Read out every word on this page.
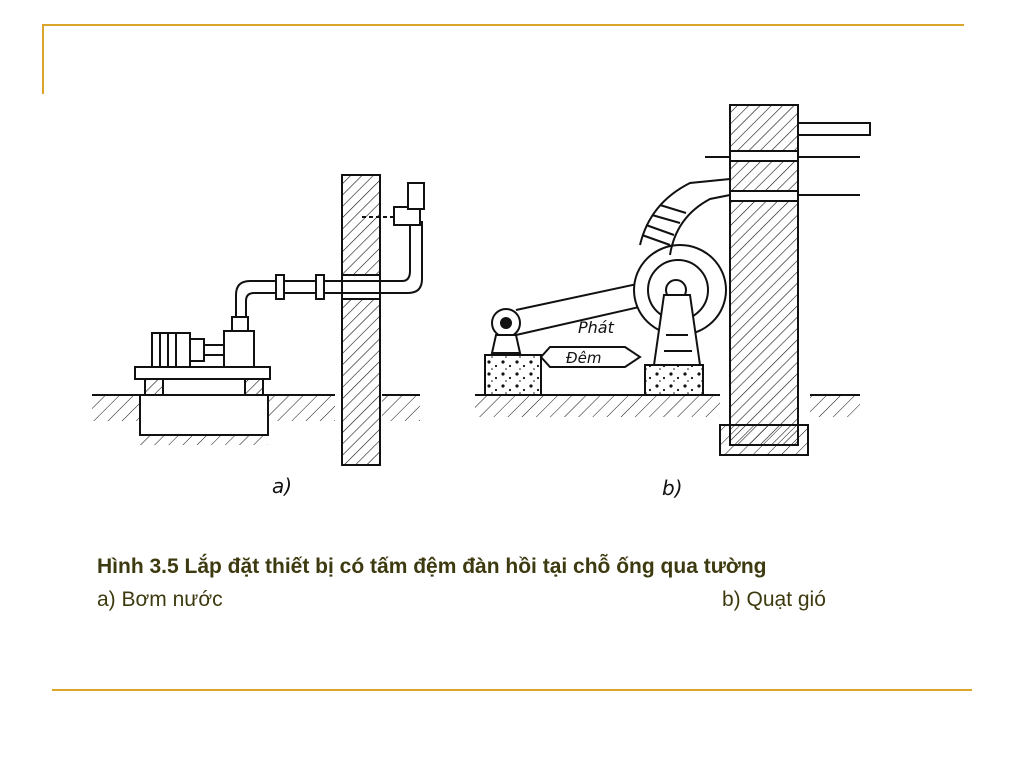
a)
Phát
Đêm
b)
Hình 3.5 Lắp đặt thiết bị có tấm đệm đàn hồi tại chỗ ống qua tường
a) Bơm nước	b) Quạt gió
